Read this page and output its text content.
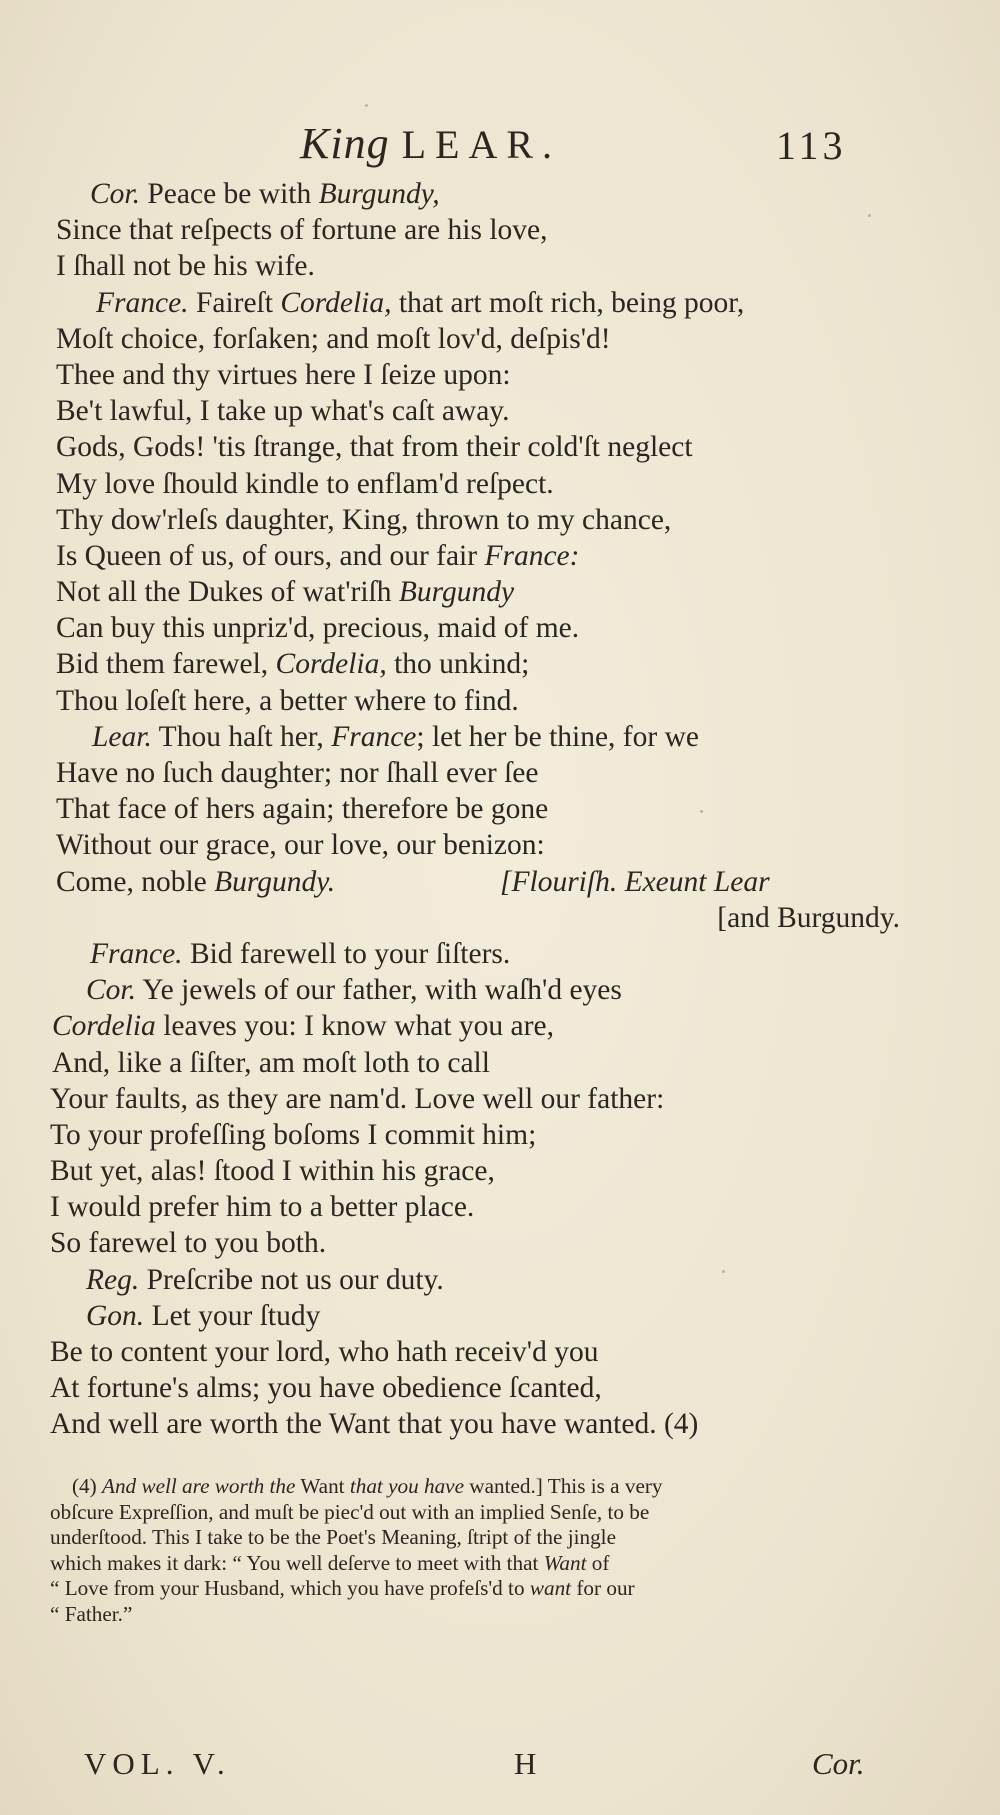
King LEAR.	113
Cor. Peace be with Burgundy,
Since that reſpects of fortune are his love,
I ſhall not be his wife.
France. Faireſt Cordelia, that art moſt rich, being poor,
Moſt choice, forſaken; and moſt lov'd, deſpis'd!
Thee and thy virtues here I ſeize upon:
Be't lawful, I take up what's caſt away.
Gods, Gods! 'tis ſtrange, that from their cold'ſt neglect
My love ſhould kindle to enflam'd reſpect.
Thy dow'rleſs daughter, King, thrown to my chance,
Is Queen of us, of ours, and our fair France:
Not all the Dukes of wat'riſh Burgundy
Can buy this unpriz'd, precious, maid of me.
Bid them farewel, Cordelia, tho unkind;
Thou loſeſt here, a better where to find.
Lear. Thou haſt her, France; let her be thine, for we
Have no ſuch daughter; nor ſhall ever ſee
That face of hers again; therefore be gone
Without our grace, our love, our benizon:
Come, noble Burgundy.	[Flouriſh. Exeunt Lear
[and Burgundy.
France. Bid farewell to your ſiſters.
Cor. Ye jewels of our father, with waſh'd eyes
Cordelia leaves you: I know what you are,
And, like a ſiſter, am moſt loth to call
Your faults, as they are nam'd. Love well our father:
To your profeſſing boſoms I commit him;
But yet, alas! ſtood I within his grace,
I would prefer him to a better place.
So farewel to you both.
Reg. Preſcribe not us our duty.
Gon. Let your ſtudy
Be to content your lord, who hath receiv'd you
At fortune's alms; you have obedience ſcanted,
And well are worth the Want that you have wanted. (4)
(4) And well are worth the Want that you have wanted.] This is a very
obſcure Expreſſion, and muſt be piec'd out with an implied Senſe, to be
underſtood. This I take to be the Poet's Meaning, ſtript of the jingle
which makes it dark: “ You well deſerve to meet with that Want of
“ Love from your Husband, which you have profeſs'd to want for our
“ Father.”
VOL. V.	H	Cor.
